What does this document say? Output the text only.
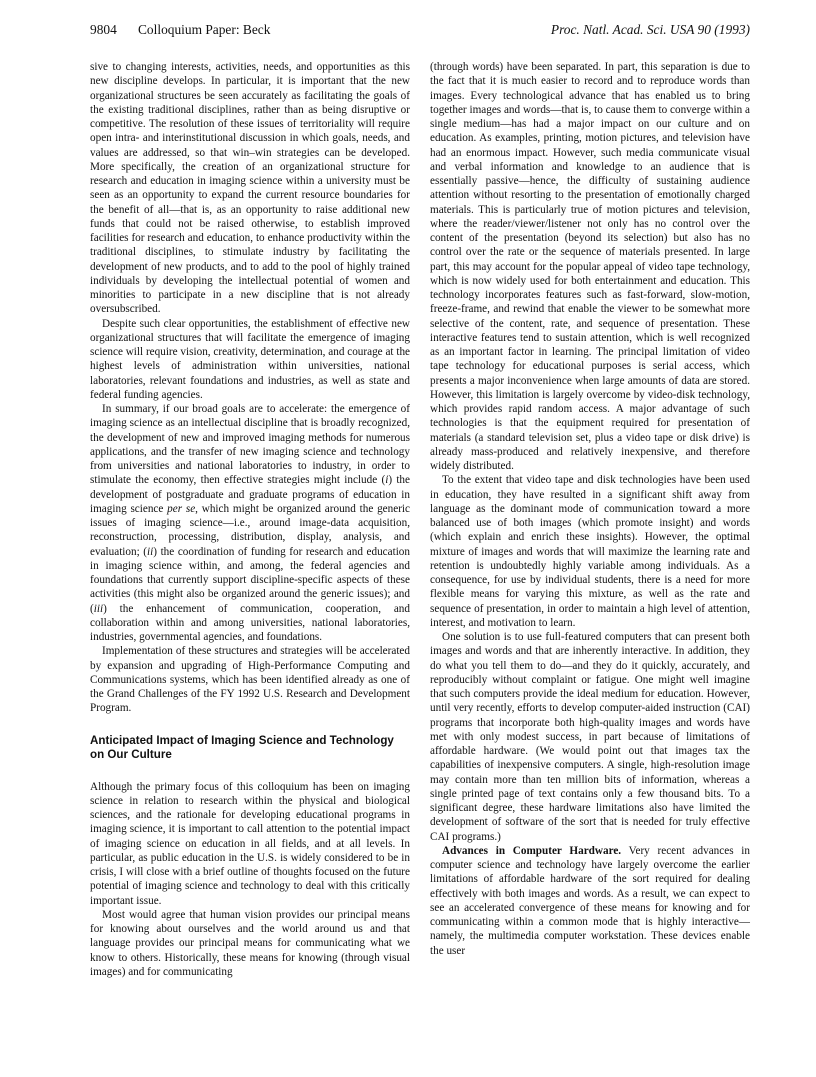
9804 Colloquium Paper: Beck	Proc. Natl. Acad. Sci. USA 90 (1993)

sive to changing interests, activities, needs, and opportunities as this new discipline develops. In particular, it is important that the new organizational structures be seen accurately as facilitating the goals of the existing traditional disciplines, rather than as being disruptive or competitive. The resolution of these issues of territoriality will require open intra- and interinstitutional discussion in which goals, needs, and values are addressed, so that win–win strategies can be developed. More specifically, the creation of an organizational structure for research and education in imaging science within a university must be seen as an opportunity to expand the current resource boundaries for the benefit of all—that is, as an opportunity to raise additional new funds that could not be raised otherwise, to establish improved facilities for research and education, to enhance productivity within the traditional disciplines, to stimulate industry by facilitating the development of new products, and to add to the pool of highly trained individuals by developing the intellectual potential of women and minorities to participate in a new discipline that is not already oversubscribed.

Despite such clear opportunities, the establishment of effective new organizational structures that will facilitate the emergence of imaging science will require vision, creativity, determination, and courage at the highest levels of administration within universities, national laboratories, relevant foundations and industries, as well as state and federal funding agencies.

In summary, if our broad goals are to accelerate: the emergence of imaging science as an intellectual discipline that is broadly recognized, the development of new and improved imaging methods for numerous applications, and the transfer of new imaging science and technology from universities and national laboratories to industry, in order to stimulate the economy, then effective strategies might include (i) the development of postgraduate and graduate programs of education in imaging science per se, which might be organized around the generic issues of imaging science—i.e., around image-data acquisition, reconstruction, processing, distribution, display, analysis, and evaluation; (ii) the coordination of funding for research and education in imaging science within, and among, the federal agencies and foundations that currently support discipline-specific aspects of these activities (this might also be organized around the generic issues); and (iii) the enhancement of communication, cooperation, and collaboration within and among universities, national laboratories, industries, governmental agencies, and foundations.

Implementation of these structures and strategies will be accelerated by expansion and upgrading of High-Performance Computing and Communications systems, which has been identified already as one of the Grand Challenges of the FY 1992 U.S. Research and Development Program.

Anticipated Impact of Imaging Science and Technology on Our Culture

Although the primary focus of this colloquium has been on imaging science in relation to research within the physical and biological sciences, and the rationale for developing educational programs in imaging science, it is important to call attention to the potential impact of imaging science on education in all fields, and at all levels. In particular, as public education in the U.S. is widely considered to be in crisis, I will close with a brief outline of thoughts focused on the future potential of imaging science and technology to deal with this critically important issue.

Most would agree that human vision provides our principal means for knowing about ourselves and the world around us and that language provides our principal means for communicating what we know to others. Historically, these means for knowing (through visual images) and for communicating

(through words) have been separated. In part, this separation is due to the fact that it is much easier to record and to reproduce words than images. Every technological advance that has enabled us to bring together images and words—that is, to cause them to converge within a single medium—has had a major impact on our culture and on education. As examples, printing, motion pictures, and television have had an enormous impact. However, such media communicate visual and verbal information and knowledge to an audience that is essentially passive—hence, the difficulty of sustaining audience attention without resorting to the presentation of emotionally charged materials. This is particularly true of motion pictures and television, where the reader/viewer/listener not only has no control over the content of the presentation (beyond its selection) but also has no control over the rate or the sequence of materials presented. In large part, this may account for the popular appeal of video tape technology, which is now widely used for both entertainment and education. This technology incorporates features such as fast-forward, slow-motion, freeze-frame, and rewind that enable the viewer to be somewhat more selective of the content, rate, and sequence of presentation. These interactive features tend to sustain attention, which is well recognized as an important factor in learning. The principal limitation of video tape technology for educational purposes is serial access, which presents a major inconvenience when large amounts of data are stored. However, this limitation is largely overcome by video-disk technology, which provides rapid random access. A major advantage of such technologies is that the equipment required for presentation of materials (a standard television set, plus a video tape or disk drive) is already mass-produced and relatively inexpensive, and therefore widely distributed.

To the extent that video tape and disk technologies have been used in education, they have resulted in a significant shift away from language as the dominant mode of communication toward a more balanced use of both images (which promote insight) and words (which explain and enrich these insights). However, the optimal mixture of images and words that will maximize the learning rate and retention is undoubtedly highly variable among individuals. As a consequence, for use by individual students, there is a need for more flexible means for varying this mixture, as well as the rate and sequence of presentation, in order to maintain a high level of attention, interest, and motivation to learn.

One solution is to use full-featured computers that can present both images and words and that are inherently interactive. In addition, they do what you tell them to do—and they do it quickly, accurately, and reproducibly without complaint or fatigue. One might well imagine that such computers provide the ideal medium for education. However, until very recently, efforts to develop computer-aided instruction (CAI) programs that incorporate both high-quality images and words have met with only modest success, in part because of limitations of affordable hardware. (We would point out that images tax the capabilities of inexpensive computers. A single, high-resolution image may contain more than ten million bits of information, whereas a single printed page of text contains only a few thousand bits. To a significant degree, these hardware limitations also have limited the development of software of the sort that is needed for truly effective CAI programs.)

Advances in Computer Hardware. Very recent advances in computer science and technology have largely overcome the earlier limitations of affordable hardware of the sort required for dealing effectively with both images and words. As a result, we can expect to see an accelerated convergence of these means for knowing and for communicating within a common mode that is highly interactive—namely, the multimedia computer workstation. These devices enable the user
